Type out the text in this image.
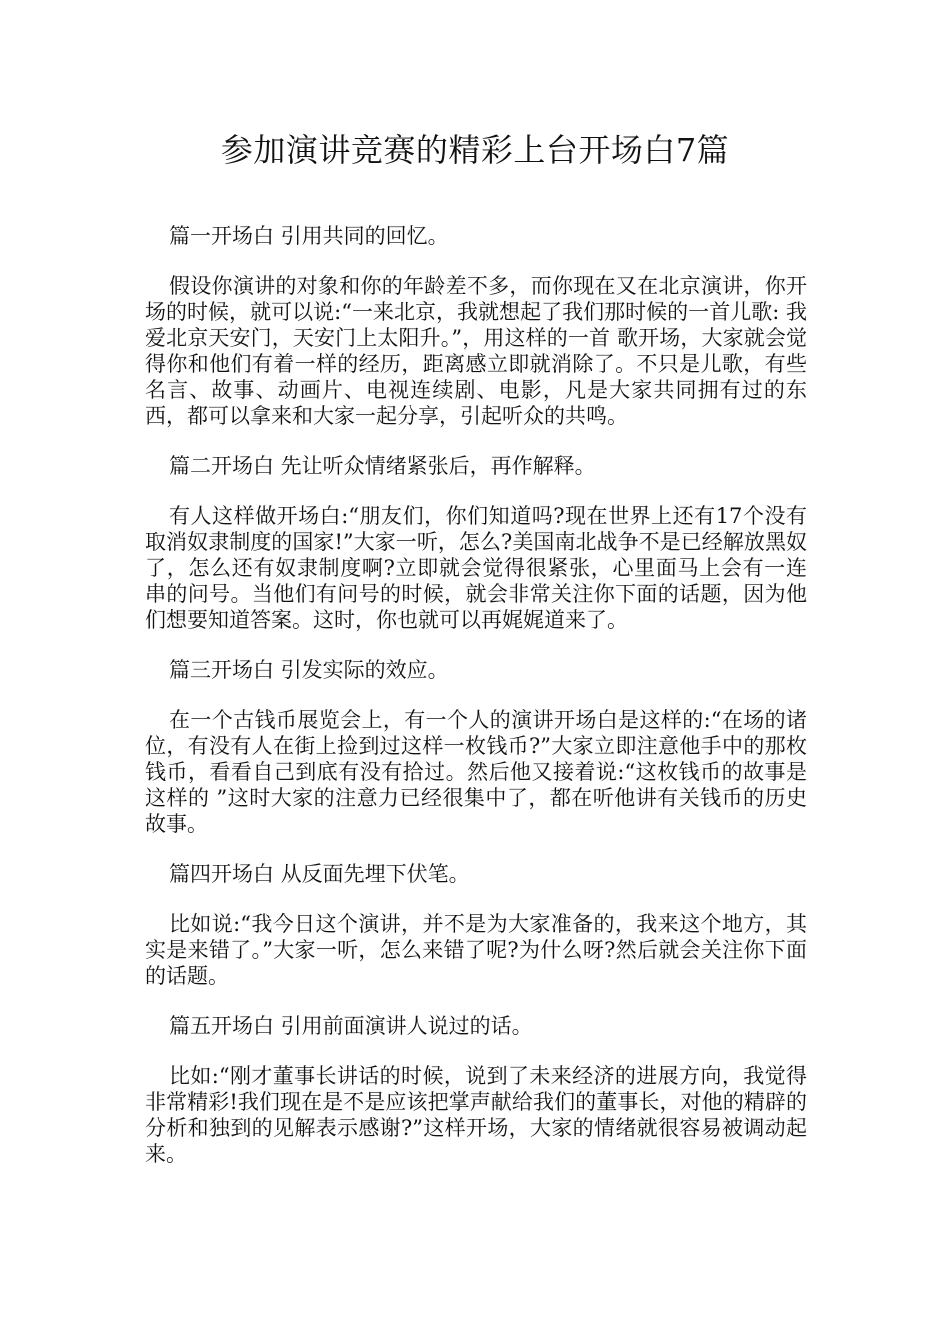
参加演讲竞赛的精彩上台开场白7篇

篇一开场白 引用共同的回忆。

假设你演讲的对象和你的年龄差不多，而你现在又在北京演讲，你开场的时候，就可以说:“一来北京，我就想起了我们那时候的一首儿歌: 我爱北京天安门，天安门上太阳升。”，用这样的一首 歌开场，大家就会觉得你和他们有着一样的经历，距离感立即就消除了。不只是儿歌，有些名言、故事、动画片、电视连续剧、电影，凡是大家共同拥有过的东西，都可以拿来和大家一起分享，引起听众的共鸣。

篇二开场白 先让听众情绪紧张后，再作解释。

有人这样做开场白:“朋友们，你们知道吗?现在世界上还有17个没有取消奴隶制度的国家!”大家一听，怎么?美国南北战争不是已经解放黑奴了，怎么还有奴隶制度啊?立即就会觉得很紧张，心里面马上会有一连串的问号。当他们有问号的时候，就会非常关注你下面的话题，因为他们想要知道答案。这时，你也就可以再娓娓道来了。

篇三开场白 引发实际的效应。

在一个古钱币展览会上，有一个人的演讲开场白是这样的:“在场的诸位，有没有人在街上捡到过这样一枚钱币?”大家立即注意他手中的那枚钱币，看看自己到底有没有拾过。然后他又接着说:“这枚钱币的故事是这样的 ”这时大家的注意力已经很集中了，都在听他讲有关钱币的历史故事。

篇四开场白 从反面先埋下伏笔。

比如说:“我今日这个演讲，并不是为大家准备的，我来这个地方，其实是来错了。”大家一听，怎么来错了呢?为什么呀?然后就会关注你下面的话题。

篇五开场白 引用前面演讲人说过的话。

比如:“刚才董事长讲话的时候，说到了未来经济的进展方向，我觉得非常精彩!我们现在是不是应该把掌声献给我们的董事长，对他的精辟的分析和独到的见解表示感谢?”这样开场，大家的情绪就很容易被调动起来。
